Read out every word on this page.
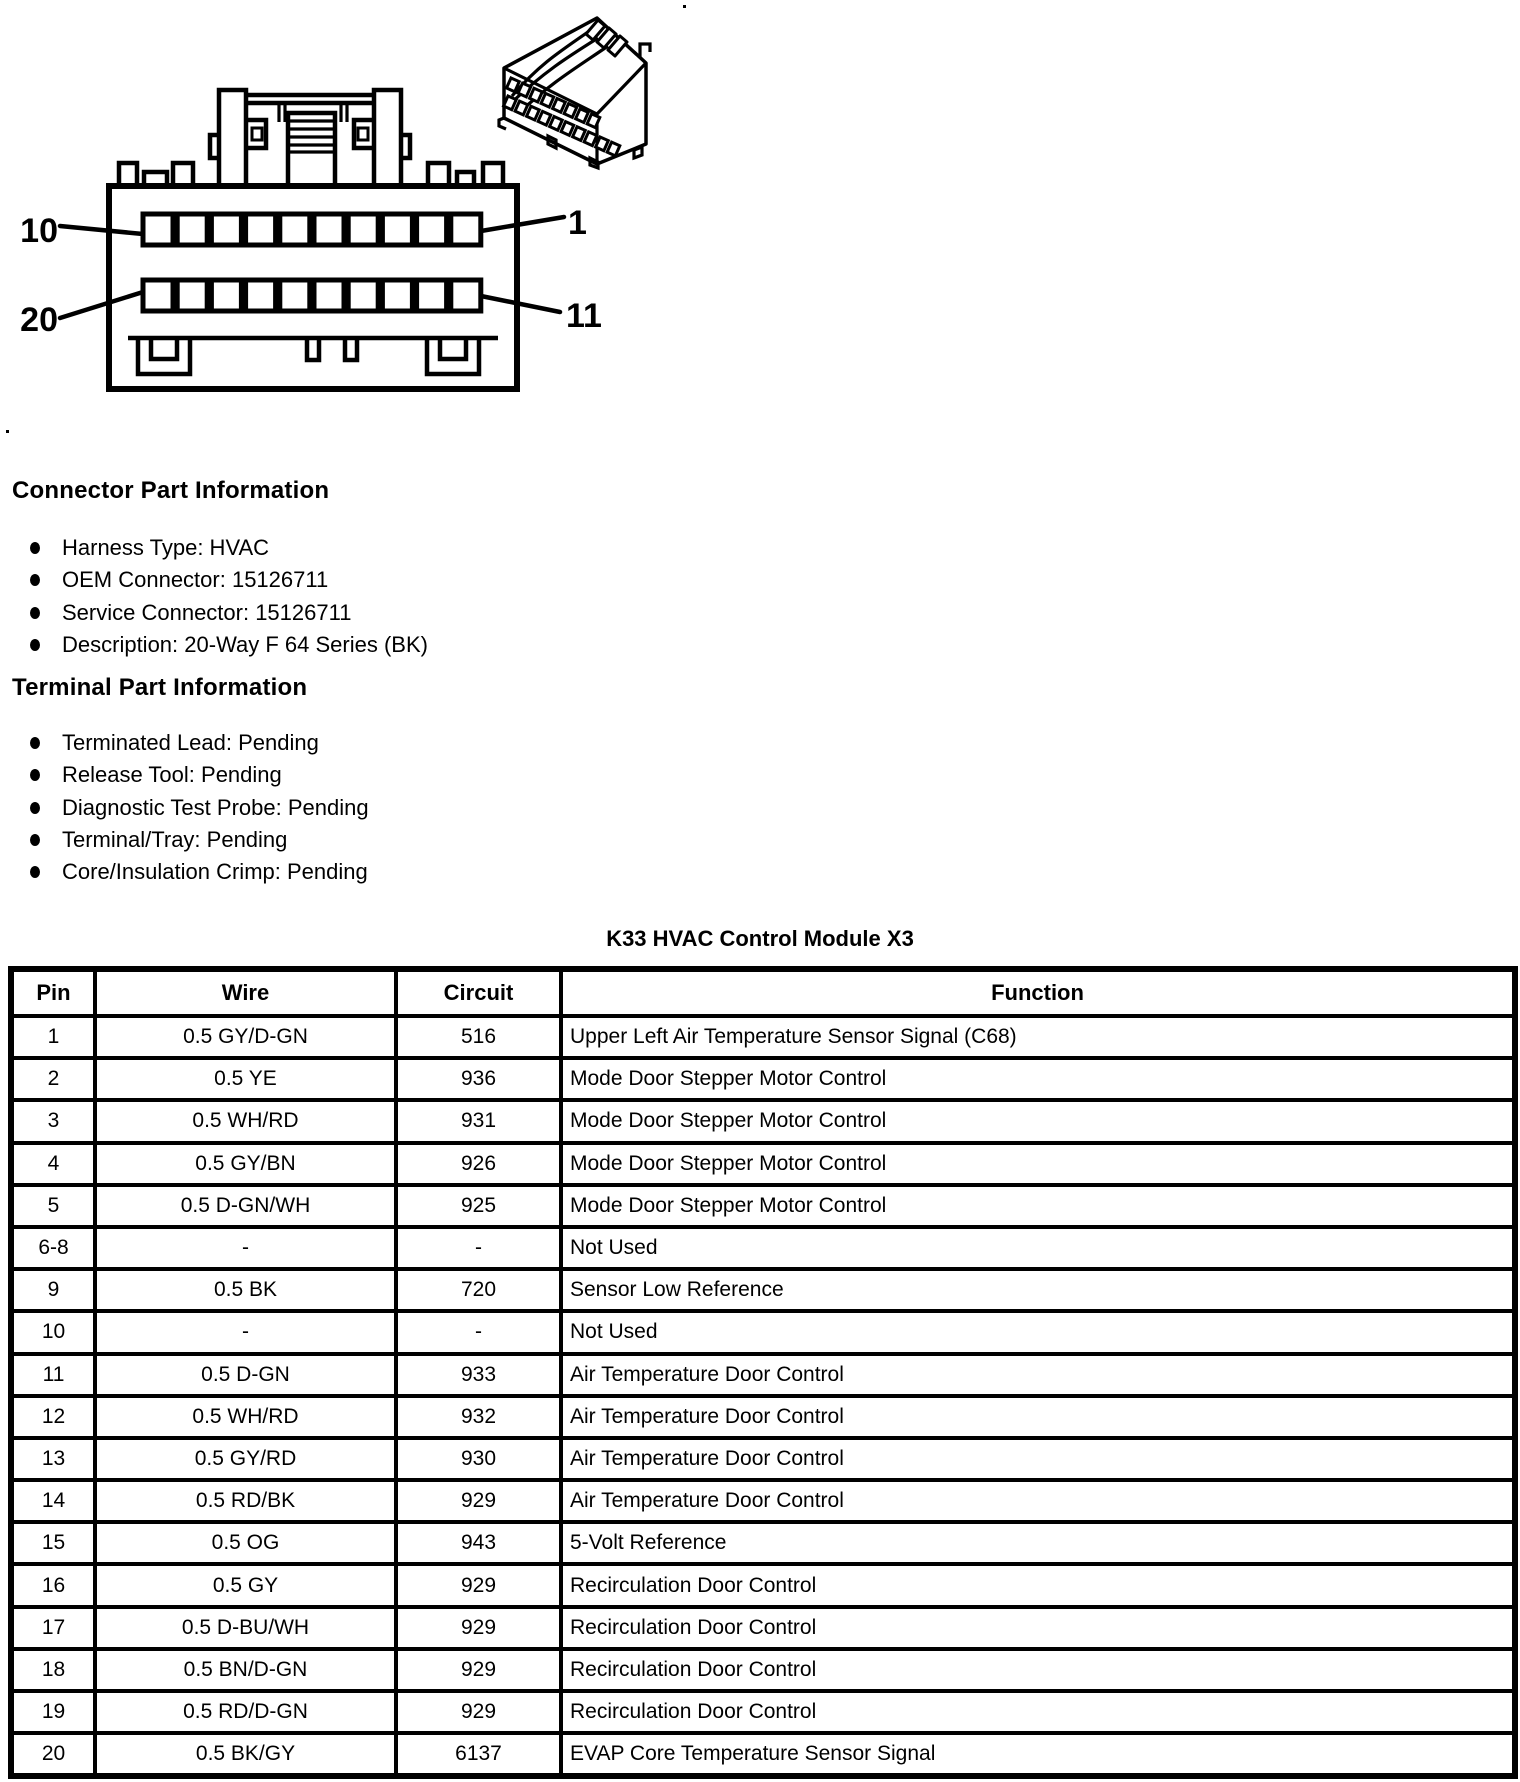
10	1
20	11
Connector Part Information
Harness Type: HVAC
OEM Connector: 15126711
Service Connector: 15126711
Description: 20-Way F 64 Series (BK)
Terminal Part Information
Terminated Lead: Pending
Release Tool: Pending
Diagnostic Test Probe: Pending
Terminal/Tray: Pending
Core/Insulation Crimp: Pending
K33 HVAC Control Module X3
Pin	Wire	Circuit	Function
1	0.5 GY/D-GN	516	Upper Left Air Temperature Sensor Signal (C68)
2	0.5 YE	936	Mode Door Stepper Motor Control
3	0.5 WH/RD	931	Mode Door Stepper Motor Control
4	0.5 GY/BN	926	Mode Door Stepper Motor Control
5	0.5 D-GN/WH	925	Mode Door Stepper Motor Control
6-8	-	-	Not Used
9	0.5 BK	720	Sensor Low Reference
10	-	-	Not Used
11	0.5 D-GN	933	Air Temperature Door Control
12	0.5 WH/RD	932	Air Temperature Door Control
13	0.5 GY/RD	930	Air Temperature Door Control
14	0.5 RD/BK	929	Air Temperature Door Control
15	0.5 OG	943	5-Volt Reference
16	0.5 GY	929	Recirculation Door Control
17	0.5 D-BU/WH	929	Recirculation Door Control
18	0.5 BN/D-GN	929	Recirculation Door Control
19	0.5 RD/D-GN	929	Recirculation Door Control
20	0.5 BK/GY	6137	EVAP Core Temperature Sensor Signal
